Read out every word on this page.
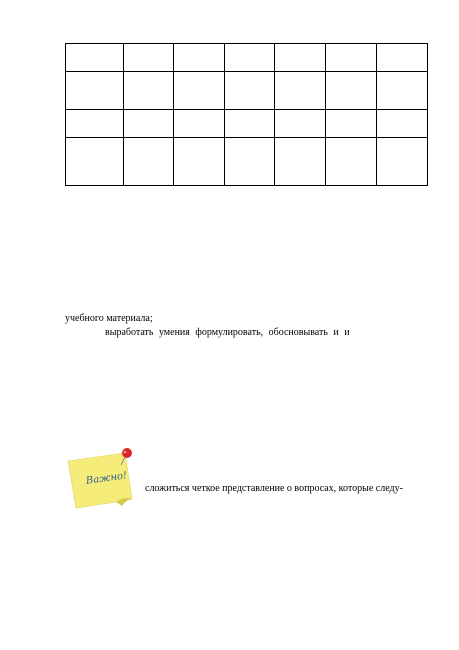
учебного материала;
выработать умения формулировать, обосновывать и и
Важно!
сложиться четкое представление о вопросах, которые следу-
